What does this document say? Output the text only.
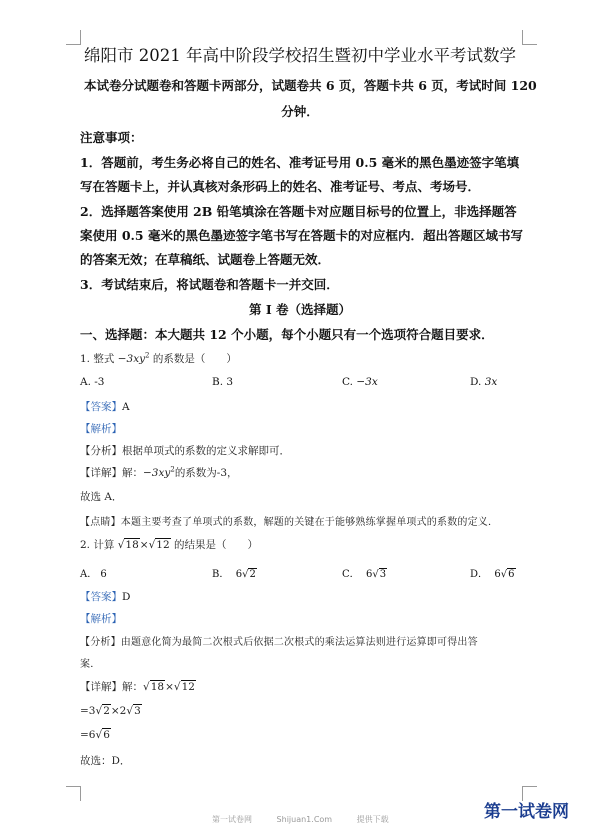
绵阳市 2021 年高中阶段学校招生暨初中学业水平考试数学
本试卷分试题卷和答题卡两部分，试题卷共 6 页，答题卡共 6 页，考试时间 120
分钟．
注意事项：
1．答题前，考生务必将自己的姓名、准考证号用 0.5 毫米的黑色墨迹签字笔填
写在答题卡上，并认真核对条形码上的姓名、准考证号、考点、考场号．
2．选择题答案使用 2B 铅笔填涂在答题卡对应题目标号的位置上，非选择题答
案使用 0.5 毫米的黑色墨迹签字笔书写在答题卡的对应框内．超出答题区域书写
的答案无效；在草稿纸、试题卷上答题无效．
3．考试结束后，将试题卷和答题卡一并交回．
第 I 卷（选择题）
一、选择题：本大题共 12 个小题，每个小题只有一个选项符合题目要求．
1. 整式 $-3xy^2$ 的系数是（　　）
A. -3	B. 3	C. −3x	D. 3x
【答案】A
【解析】
【分析】根据单项式的系数的定义求解即可．
【详解】解：$-3xy^2$的系数为-3，
故选 A．
【点睛】本题主要考查了单项式的系数，解题的关键在于能够熟练掌握单项式的系数的定义．
2. 计算 √18×√12 的结果是（　　）
A． 6	B． 6√2	C． 6√3	D． 6√6
【答案】D
【解析】
【分析】由题意化简为最简二次根式后依据二次根式的乘法运算法则进行运算即可得出答
案．
【详解】解：√18×√12
=3√2×2√3
=6√6
故选：D．
第一试卷网	Shijuan1.Com	提供下载	第一试卷网
